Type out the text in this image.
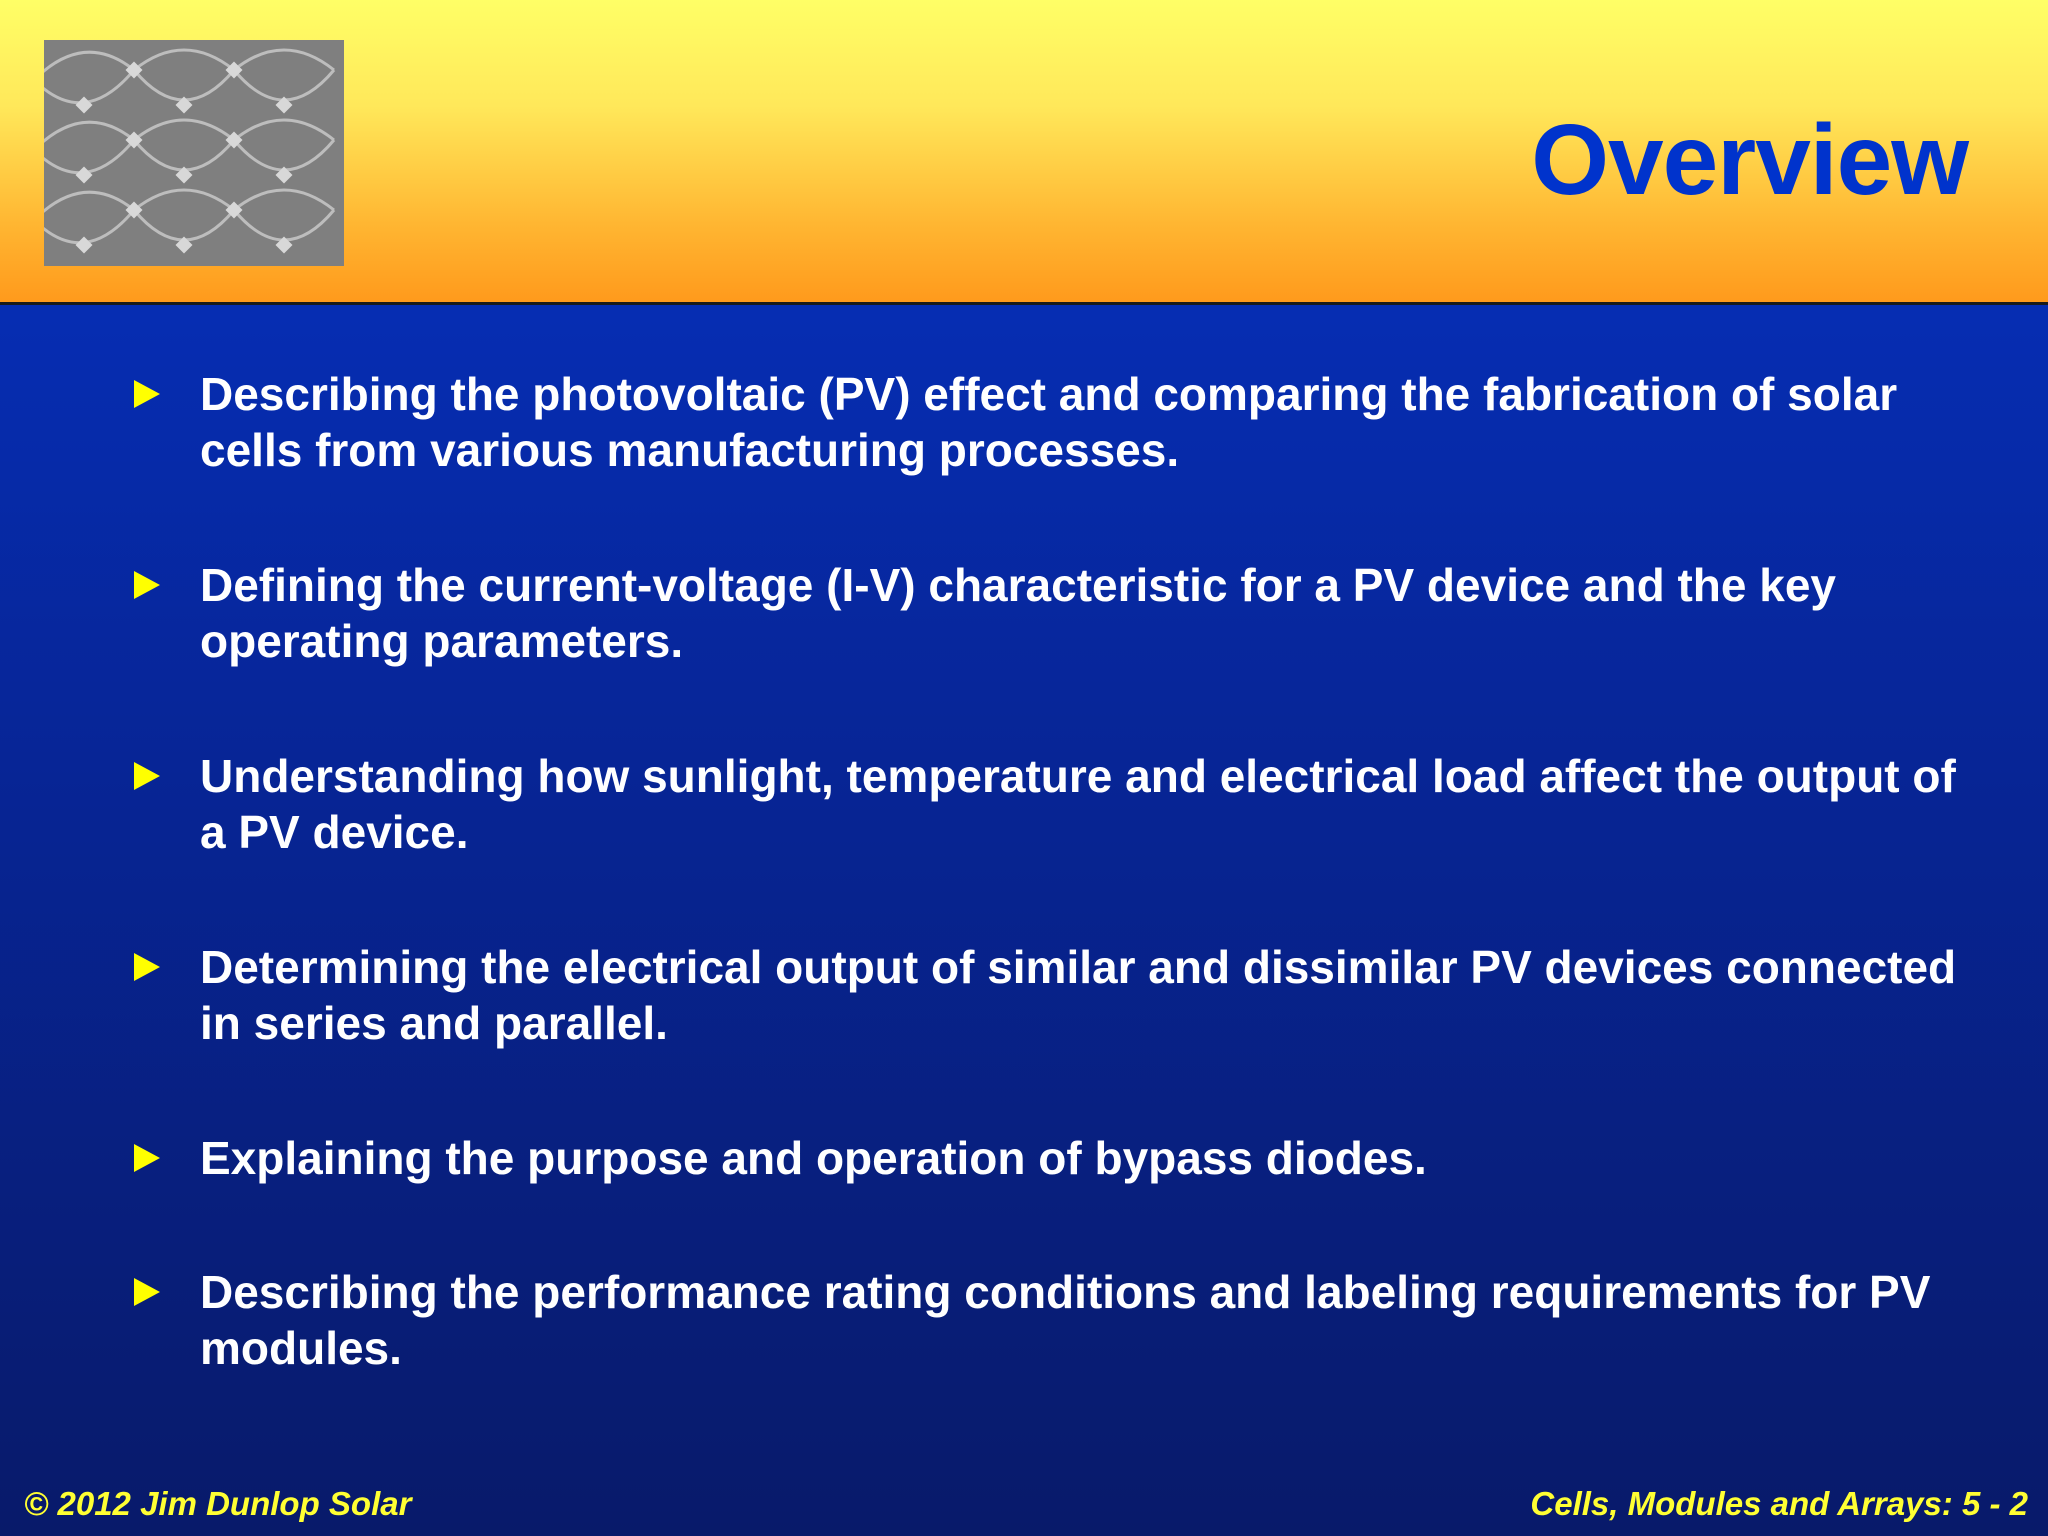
Overview
Describing the photovoltaic (PV) effect and comparing the fabrication of solar cells from various manufacturing processes.
Defining the current-voltage (I-V) characteristic for a PV device and the key operating parameters.
Understanding how sunlight, temperature and electrical load affect the output of a PV device.
Determining the electrical output of similar and dissimilar PV devices connected in series and parallel.
Explaining the purpose and operation of bypass diodes.
Describing the performance rating conditions and labeling requirements for PV modules.
© 2012 Jim Dunlop Solar	Cells, Modules and Arrays: 5 - 2
